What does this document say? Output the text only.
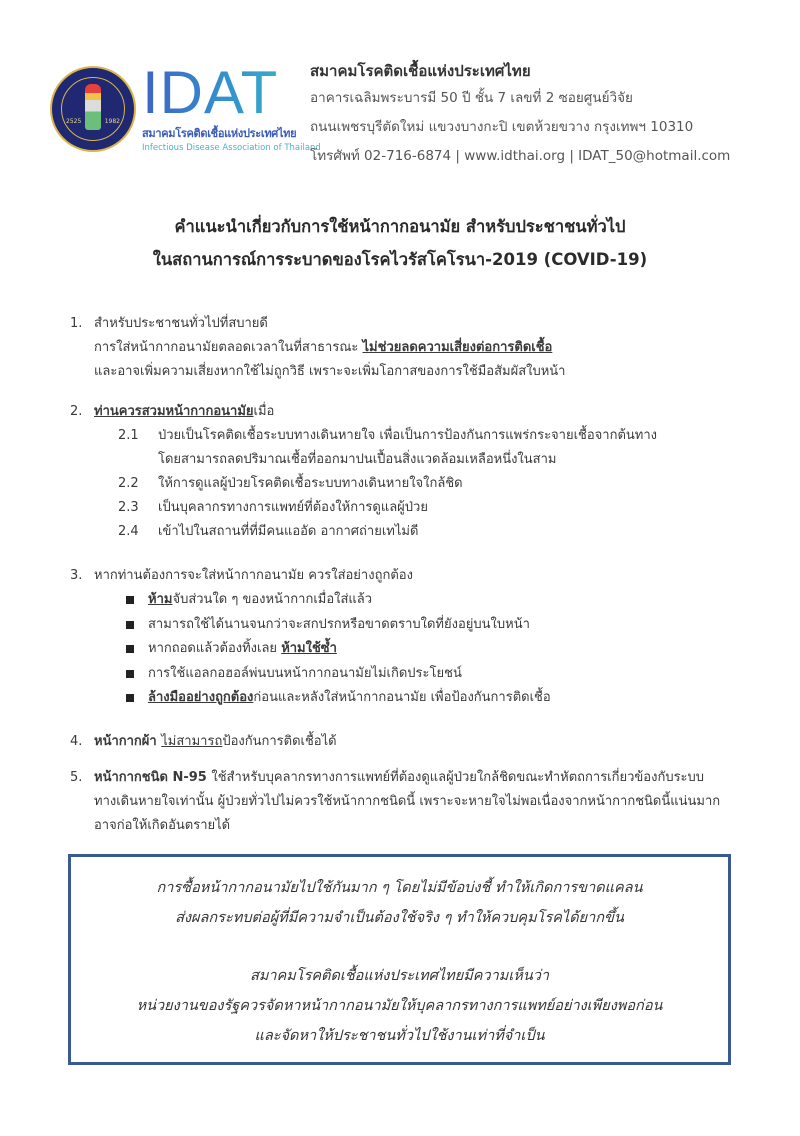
2525	1982 IDAT
สมาคมโรคติดเชื้อแห่งประเทศไทย
Infectious Disease Association of Thailand
สมาคมโรคติดเชื้อแห่งประเทศไทย
อาคารเฉลิมพระบารมี 50 ปี ชั้น 7 เลขที่ 2 ซอยศูนย์วิจัย
ถนนเพชรบุรีตัดใหม่ แขวงบางกะปิ เขตห้วยขวาง กรุงเทพฯ 10310
โทรศัพท์ 02-716-6874 | www.idthai.org | IDAT_50@hotmail.com
คำแนะนำเกี่ยวกับการใช้หน้ากากอนามัย สำหรับประชาชนทั่วไป
ในสถานการณ์การระบาดของโรคไวรัสโคโรนา-2019 (COVID-19)
1. สำหรับประชาชนทั่วไปที่สบายดี
การใส่หน้ากากอนามัยตลอดเวลาในที่สาธารณะ ไม่ช่วยลดความเสี่ยงต่อการติดเชื้อ
และอาจเพิ่มความเสี่ยงหากใช้ไม่ถูกวิธี เพราะจะเพิ่มโอกาสของการใช้มือสัมผัสใบหน้า
2. ท่านควรสวมหน้ากากอนามัยเมื่อ
2.1	ป่วยเป็นโรคติดเชื้อระบบทางเดินหายใจ เพื่อเป็นการป้องกันการแพร่กระจายเชื้อจากต้นทาง
โดยสามารถลดปริมาณเชื้อที่ออกมาปนเปื้อนสิ่งแวดล้อมเหลือหนึ่งในสาม
2.2	ให้การดูแลผู้ป่วยโรคติดเชื้อระบบทางเดินหายใจใกล้ชิด
2.3	เป็นบุคลากรทางการแพทย์ที่ต้องให้การดูแลผู้ป่วย
2.4	เข้าไปในสถานที่ที่มีคนแออัด อากาศถ่ายเทไม่ดี
3. หากท่านต้องการจะใส่หน้ากากอนามัย ควรใส่อย่างถูกต้อง
ห้ามจับส่วนใด ๆ ของหน้ากากเมื่อใส่แล้ว
สามารถใช้ได้นานจนกว่าจะสกปรกหรือขาดตราบใดที่ยังอยู่บนใบหน้า
หากถอดแล้วต้องทิ้งเลย ห้ามใช้ซ้ำ
การใช้แอลกอฮอล์พ่นบนหน้ากากอนามัยไม่เกิดประโยชน์
ล้างมืออย่างถูกต้องก่อนและหลังใส่หน้ากากอนามัย เพื่อป้องกันการติดเชื้อ
4. หน้ากากผ้า ไม่สามารถป้องกันการติดเชื้อได้
5. หน้ากากชนิด N-95 ใช้สำหรับบุคลากรทางการแพทย์ที่ต้องดูแลผู้ป่วยใกล้ชิดขณะทำหัตถการเกี่ยวข้องกับระบบ
ทางเดินหายใจเท่านั้น ผู้ป่วยทั่วไปไม่ควรใช้หน้ากากชนิดนี้ เพราะจะหายใจไม่พอเนื่องจากหน้ากากชนิดนี้แน่นมาก
อาจก่อให้เกิดอันตรายได้
การซื้อหน้ากากอนามัยไปใช้กันมาก ๆ โดยไม่มีข้อบ่งชี้ ทำให้เกิดการขาดแคลน
ส่งผลกระทบต่อผู้ที่มีความจำเป็นต้องใช้จริง ๆ ทำให้ควบคุมโรคได้ยากขึ้น
สมาคมโรคติดเชื้อแห่งประเทศไทยมีความเห็นว่า
หน่วยงานของรัฐควรจัดหาหน้ากากอนามัยให้บุคลากรทางการแพทย์อย่างเพียงพอก่อน
และจัดหาให้ประชาชนทั่วไปใช้งานเท่าที่จำเป็น
